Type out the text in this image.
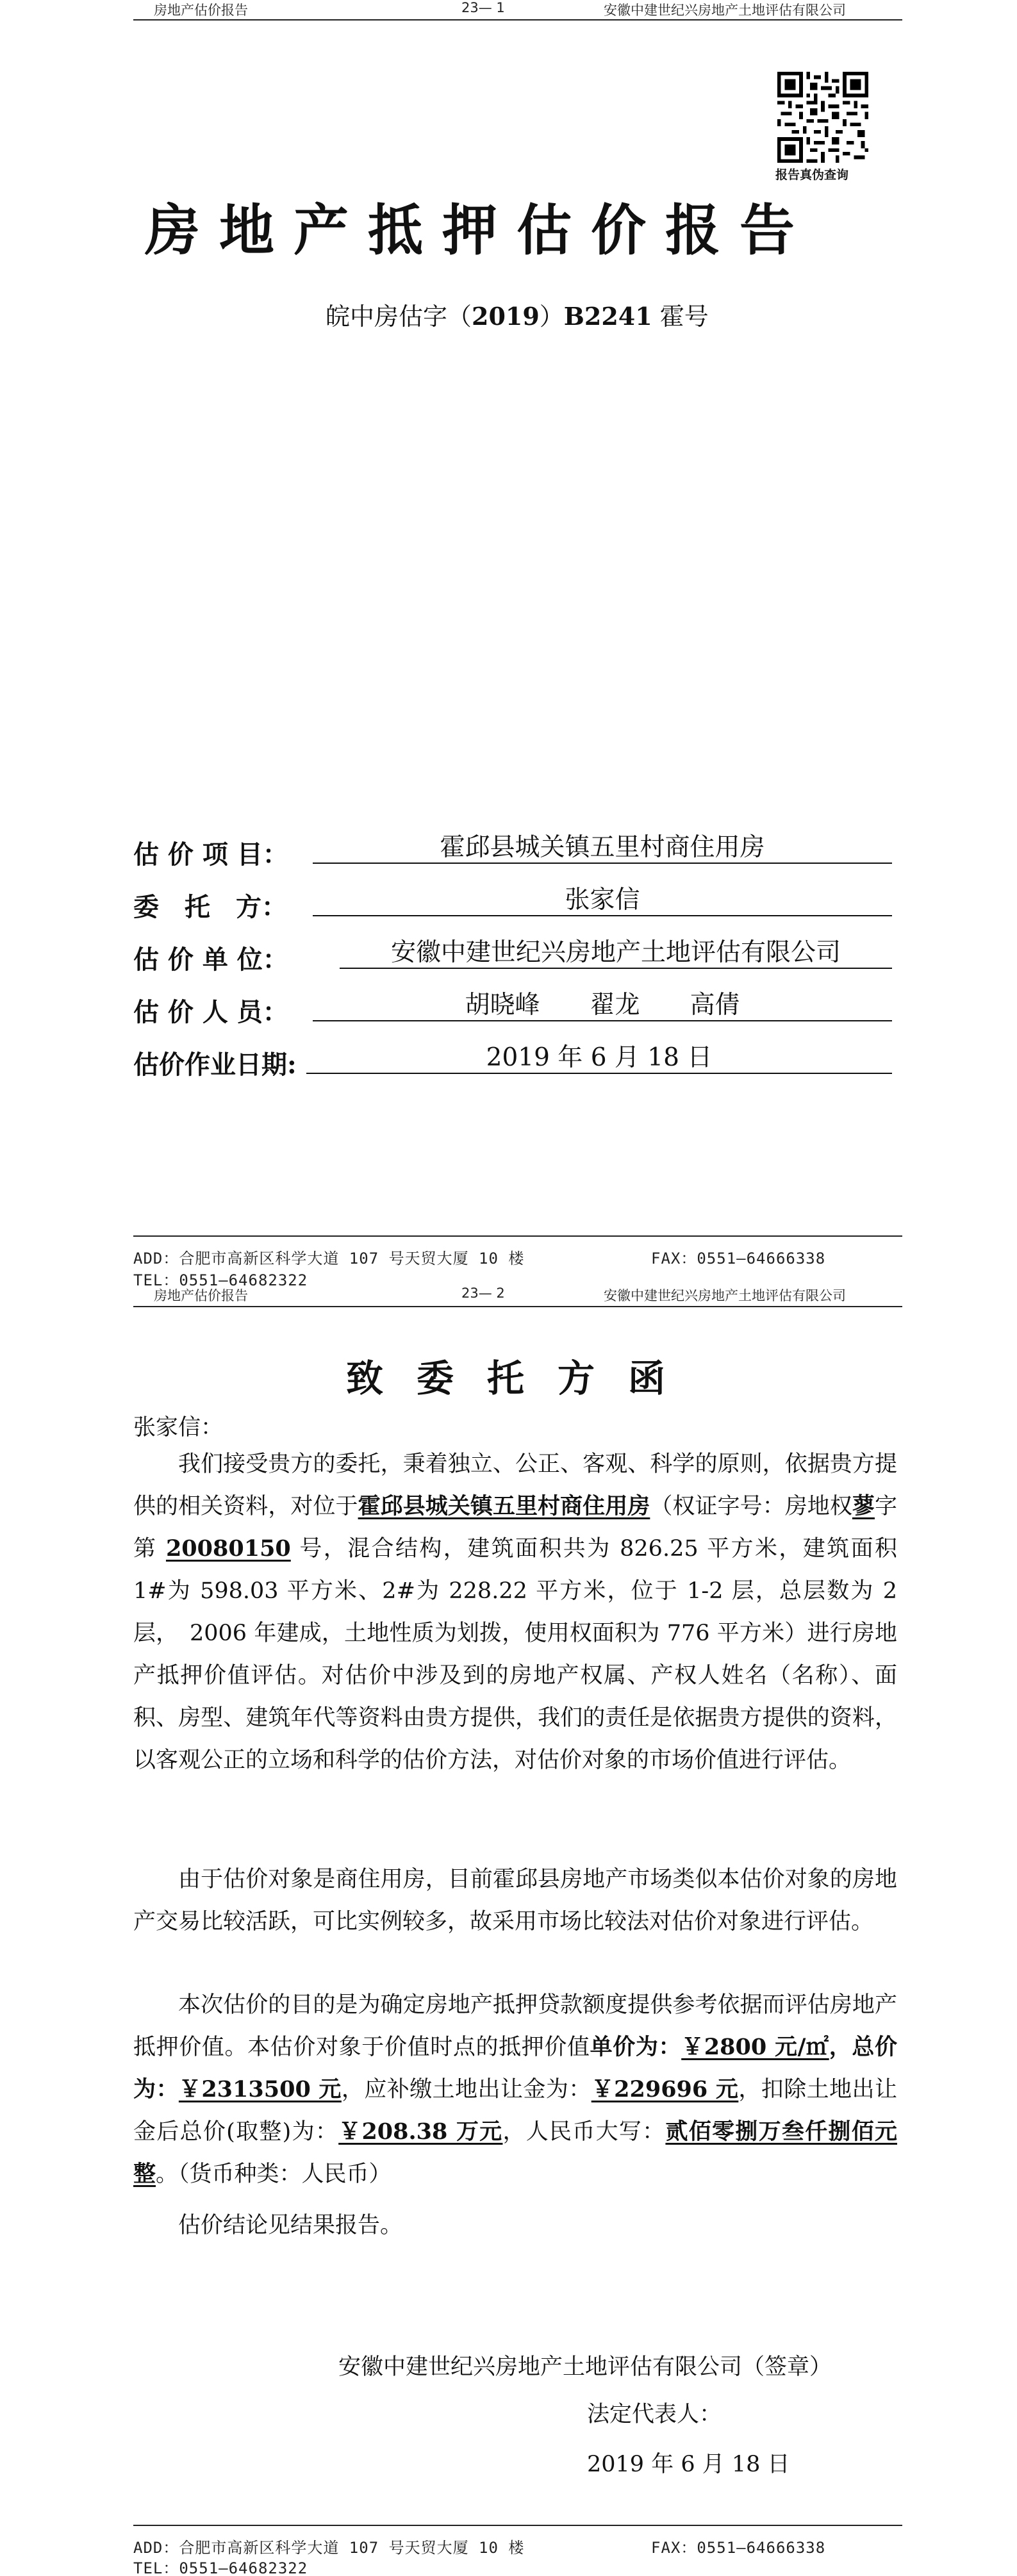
房地产估价报告	23— 1	安徽中建世纪兴房地产土地评估有限公司
报告真伪查询
房地产抵押估价报告
皖中房估字（2019）B2241 霍号
估 价 项 目：	霍邱县城关镇五里村商住用房
委　托　方：	张家信
估 价 单 位：	安徽中建世纪兴房地产土地评估有限公司
估 价 人 员：	胡晓峰　　翟龙　　高倩
估价作业日期:	2019 年 6 月 18 日
ADD：合肥市高新区科学大道 107 号天贸大厦 10 楼	FAX：0551—64666338
TEL：0551—64682322
房地产估价报告	23— 2	安徽中建世纪兴房地产土地评估有限公司
致委托方函
张家信：
我们接受贵方的委托，秉着独立、公正、客观、科学的原则，依据贵方提供的相关资料，对位于霍邱县城关镇五里村商住用房（权证字号：房地权蓼字第 20080150 号，混合结构，建筑面积共为 826.25 平方米，建筑面积 1#为 598.03 平方米、2#为 228.22 平方米，位于 1-2 层，总层数为 2 层，　2006 年建成，土地性质为划拨，使用权面积为 776 平方米）进行房地产抵押价值评估。对估价中涉及到的房地产权属、产权人姓名（名称）、面积、房型、建筑年代等资料由贵方提供，我们的责任是依据贵方提供的资料，以客观公正的立场和科学的估价方法，对估价对象的市场价值进行评估。
由于估价对象是商住用房，目前霍邱县房地产市场类似本估价对象的房地产交易比较活跃，可比实例较多，故采用市场比较法对估价对象进行评估。
本次估价的目的是为确定房地产抵押贷款额度提供参考依据而评估房地产抵押价值。本估价对象于价值时点的抵押价值单价为：￥2800 元/㎡，总价为：￥2313500 元，应补缴土地出让金为：￥229696 元，扣除土地出让金后总价(取整)为：￥208.38 万元，人民币大写：贰佰零捌万叁仟捌佰元整。（货币种类：人民币）
估价结论见结果报告。
安徽中建世纪兴房地产土地评估有限公司（签章）
法定代表人：
2019 年 6 月 18 日
ADD：合肥市高新区科学大道 107 号天贸大厦 10 楼	FAX：0551—64666338
TEL：0551—64682322
